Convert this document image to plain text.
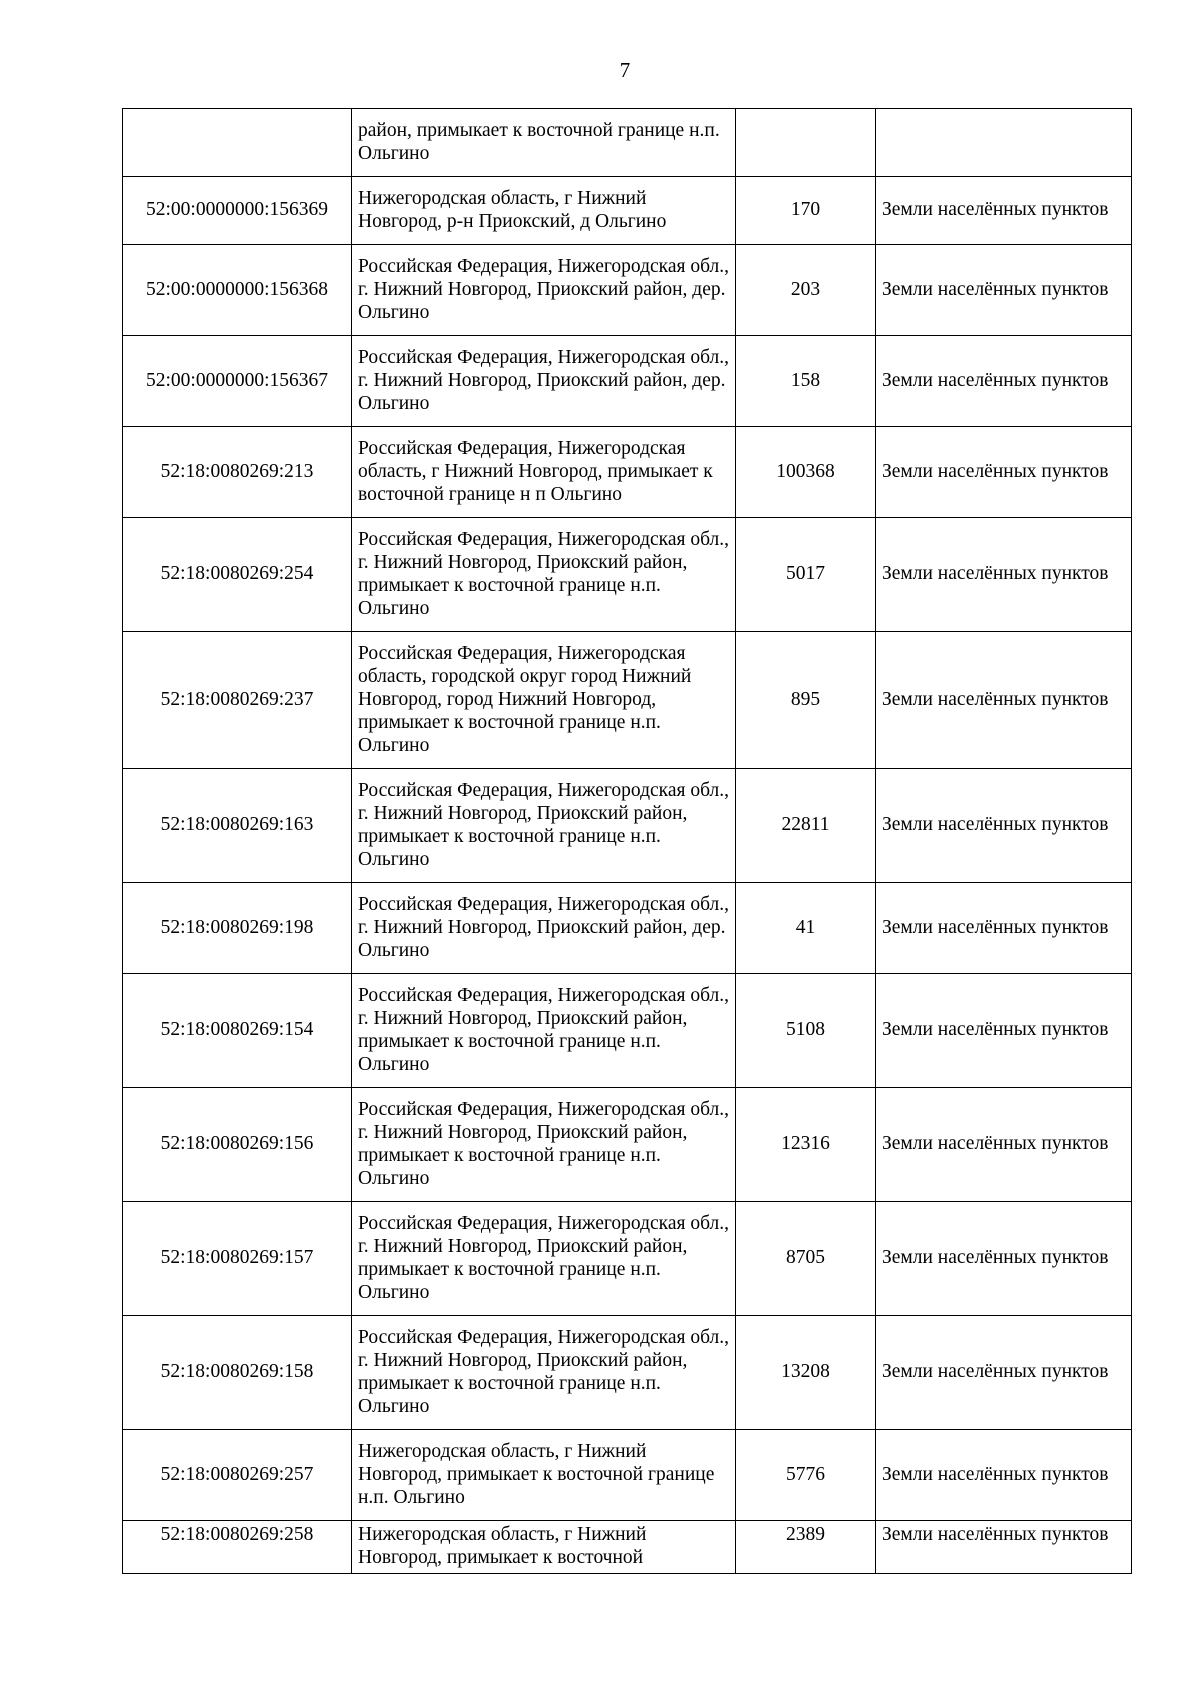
7
	район, примыкает к восточной границе н.п. Ольгино		
52:00:0000000:156369	Нижегородская область, г Нижний Новгород, р-н Приокский, д Ольгино	170	Земли населённых пунктов
52:00:0000000:156368	Российская Федерация, Нижегородская обл., г. Нижний Новгород, Приокский район, дер. Ольгино	203	Земли населённых пунктов
52:00:0000000:156367	Российская Федерация, Нижегородская обл., г. Нижний Новгород, Приокский район, дер. Ольгино	158	Земли населённых пунктов
52:18:0080269:213	Российская Федерация, Нижегородская область, г Нижний Новгород, примыкает к восточной границе н п Ольгино	100368	Земли населённых пунктов
52:18:0080269:254	Российская Федерация, Нижегородская обл., г. Нижний Новгород, Приокский район, примыкает к восточной границе н.п. Ольгино	5017	Земли населённых пунктов
52:18:0080269:237	Российская Федерация, Нижегородская область, городской округ город Нижний Новгород, город Нижний Новгород, примыкает к восточной границе н.п. Ольгино	895	Земли населённых пунктов
52:18:0080269:163	Российская Федерация, Нижегородская обл., г. Нижний Новгород, Приокский район, примыкает к восточной границе н.п. Ольгино	22811	Земли населённых пунктов
52:18:0080269:198	Российская Федерация, Нижегородская обл., г. Нижний Новгород, Приокский район, дер. Ольгино	41	Земли населённых пунктов
52:18:0080269:154	Российская Федерация, Нижегородская обл., г. Нижний Новгород, Приокский район, примыкает к восточной границе н.п. Ольгино	5108	Земли населённых пунктов
52:18:0080269:156	Российская Федерация, Нижегородская обл., г. Нижний Новгород, Приокский район, примыкает к восточной границе н.п. Ольгино	12316	Земли населённых пунктов
52:18:0080269:157	Российская Федерация, Нижегородская обл., г. Нижний Новгород, Приокский район, примыкает к восточной границе н.п. Ольгино	8705	Земли населённых пунктов
52:18:0080269:158	Российская Федерация, Нижегородская обл., г. Нижний Новгород, Приокский район, примыкает к восточной границе н.п. Ольгино	13208	Земли населённых пунктов
52:18:0080269:257	Нижегородская область, г Нижний Новгород, примыкает к восточной границе н.п. Ольгино	5776	Земли населённых пунктов
52:18:0080269:258	Нижегородская область, г Нижний Новгород, примыкает к восточной	2389	Земли населённых пунктов
